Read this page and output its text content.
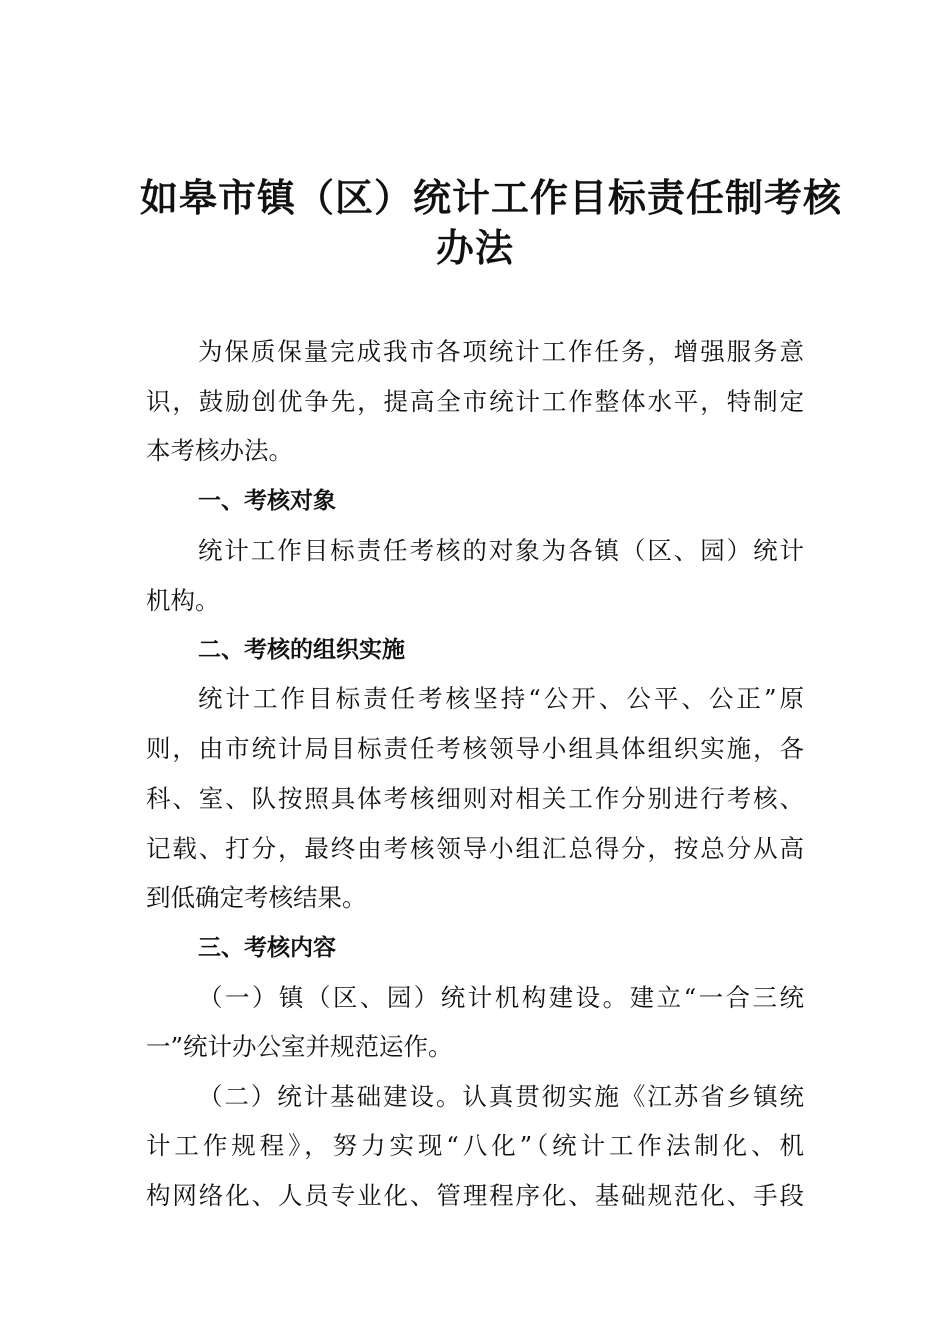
如皋市镇（区）统计工作目标责任制考核
办法
为保质保量完成我市各项统计工作任务，增强服务意
识，鼓励创优争先，提高全市统计工作整体水平，特制定
本考核办法。
一、考核对象
统计工作目标责任考核的对象为各镇（区、园）统计
机构。
二、考核的组织实施
统计工作目标责任考核坚持“公开、公平、公正”原
则，由市统计局目标责任考核领导小组具体组织实施，各
科、室、队按照具体考核细则对相关工作分别进行考核、
记载、打分，最终由考核领导小组汇总得分，按总分从高
到低确定考核结果。
三、考核内容
（一）镇（区、园）统计机构建设。建立“一合三统
一”统计办公室并规范运作。
（二）统计基础建设。认真贯彻实施《江苏省乡镇统
计工作规程》，努力实现“八化”（统计工作法制化、机
构网络化、人员专业化、管理程序化、基础规范化、手段
